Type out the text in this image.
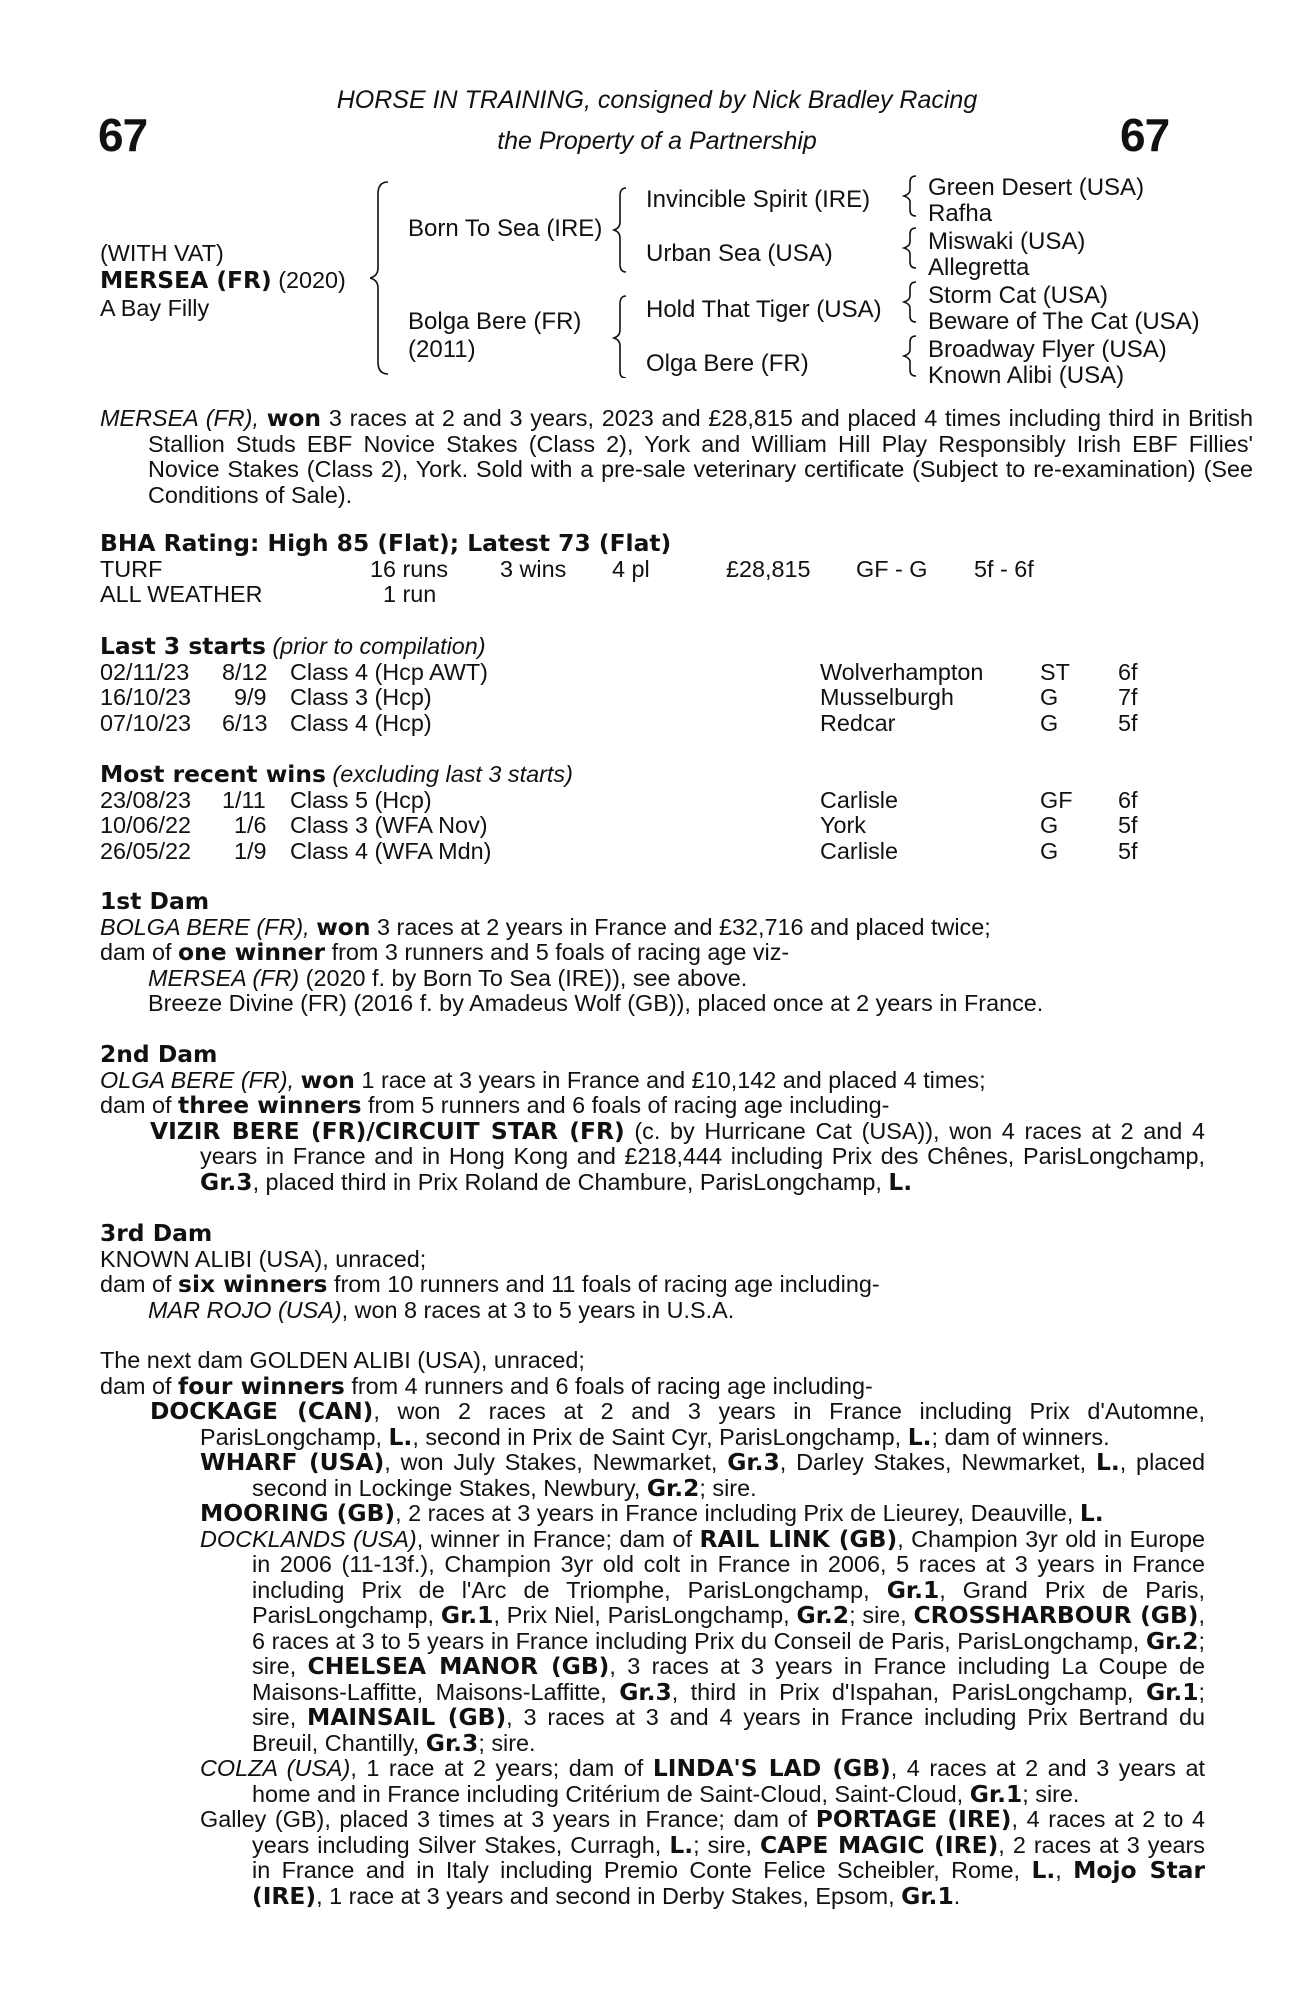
67	67
HORSE IN TRAINING, consigned by Nick Bradley Racing
the Property of a Partnership
(WITH VAT)
MERSEA (FR) (2020)
A Bay Filly
Born To Sea (IRE)
Bolga Bere (FR)
(2011)
Invincible Spirit (IRE)
Urban Sea (USA)
Hold That Tiger (USA)
Olga Bere (FR)
Green Desert (USA)
Rafha
Miswaki (USA)
Allegretta
Storm Cat (USA)
Beware of The Cat (USA)
Broadway Flyer (USA)
Known Alibi (USA)
MERSEA (FR), won 3 races at 2 and 3 years, 2023 and £28,815 and placed 4 times including third in British Stallion Studs EBF Novice Stakes (Class 2), York and William Hill Play Responsibly Irish EBF Fillies' Novice Stakes (Class 2), York. Sold with a pre-sale veterinary certificate (Subject to re-examination) (See Conditions of Sale).

BHA Rating: High 85 (Flat); Latest 73 (Flat)

TURF	16 runs 3 wins 4 pl	£28,815 GF - G 5f - 6f
ALL WEATHER	1 run

Last 3 starts (prior to compilation)

02/11/23 8/12 Class 4 (Hcp AWT)	Wolverhampton ST 6f
16/10/23 9/9 Class 3 (Hcp)	Musselburgh	G	7f
07/10/23 6/13 Class 4 (Hcp)	Redcar	G	5f

Most recent wins (excluding last 3 starts)

23/08/23 1/11 Class 5 (Hcp)	Carlisle	GF 6f
10/06/22 1/6 Class 3 (WFA Nov)	York	G	5f
26/05/22 1/9 Class 4 (WFA Mdn)	Carlisle	G	5f

1st Dam

BOLGA BERE (FR), won 3 races at 2 years in France and £32,716 and placed twice;

dam of one winner from 3 runners and 5 foals of racing age viz-

MERSEA (FR) (2020 f. by Born To Sea (IRE)), see above.

Breeze Divine (FR) (2016 f. by Amadeus Wolf (GB)), placed once at 2 years in France.

2nd Dam

OLGA BERE (FR), won 1 race at 3 years in France and £10,142 and placed 4 times;

dam of three winners from 5 runners and 6 foals of racing age including-

VIZIR BERE (FR)/CIRCUIT STAR (FR) (c. by Hurricane Cat (USA)), won 4 races at 2 and 4 years in France and in Hong Kong and £218,444 including Prix des Chênes, ParisLongchamp, Gr.3, placed third in Prix Roland de Chambure, ParisLongchamp, L.

3rd Dam

KNOWN ALIBI (USA), unraced;

dam of six winners from 10 runners and 11 foals of racing age including-

MAR ROJO (USA), won 8 races at 3 to 5 years in U.S.A.

The next dam GOLDEN ALIBI (USA), unraced;

dam of four winners from 4 runners and 6 foals of racing age including-

DOCKAGE (CAN), won 2 races at 2 and 3 years in France including Prix d'Automne, ParisLongchamp, L., second in Prix de Saint Cyr, ParisLongchamp, L.; dam of winners.

WHARF (USA), won July Stakes, Newmarket, Gr.3, Darley Stakes, Newmarket, L., placed second in Lockinge Stakes, Newbury, Gr.2; sire.

MOORING (GB), 2 races at 3 years in France including Prix de Lieurey, Deauville, L.

DOCKLANDS (USA), winner in France; dam of RAIL LINK (GB), Champion 3yr old in Europe in 2006 (11-13f.), Champion 3yr old colt in France in 2006, 5 races at 3 years in France including Prix de l'Arc de Triomphe, ParisLongchamp, Gr.1, Grand Prix de Paris, ParisLongchamp, Gr.1, Prix Niel, ParisLongchamp, Gr.2; sire, CROSSHARBOUR (GB), 6 races at 3 to 5 years in France including Prix du Conseil de Paris, ParisLongchamp, Gr.2; sire, CHELSEA MANOR (GB), 3 races at 3 years in France including La Coupe de Maisons-Laffitte, Maisons-Laffitte, Gr.3, third in Prix d'Ispahan, ParisLongchamp, Gr.1; sire, MAINSAIL (GB), 3 races at 3 and 4 years in France including Prix Bertrand du Breuil, Chantilly, Gr.3; sire.

COLZA (USA), 1 race at 2 years; dam of LINDA'S LAD (GB), 4 races at 2 and 3 years at home and in France including Critérium de Saint-Cloud, Saint-Cloud, Gr.1; sire.

Galley (GB), placed 3 times at 3 years in France; dam of PORTAGE (IRE), 4 races at 2 to 4 years including Silver Stakes, Curragh, L.; sire, CAPE MAGIC (IRE), 2 races at 3 years in France and in Italy including Premio Conte Felice Scheibler, Rome, L., Mojo Star (IRE), 1 race at 3 years and second in Derby Stakes, Epsom, Gr.1.
